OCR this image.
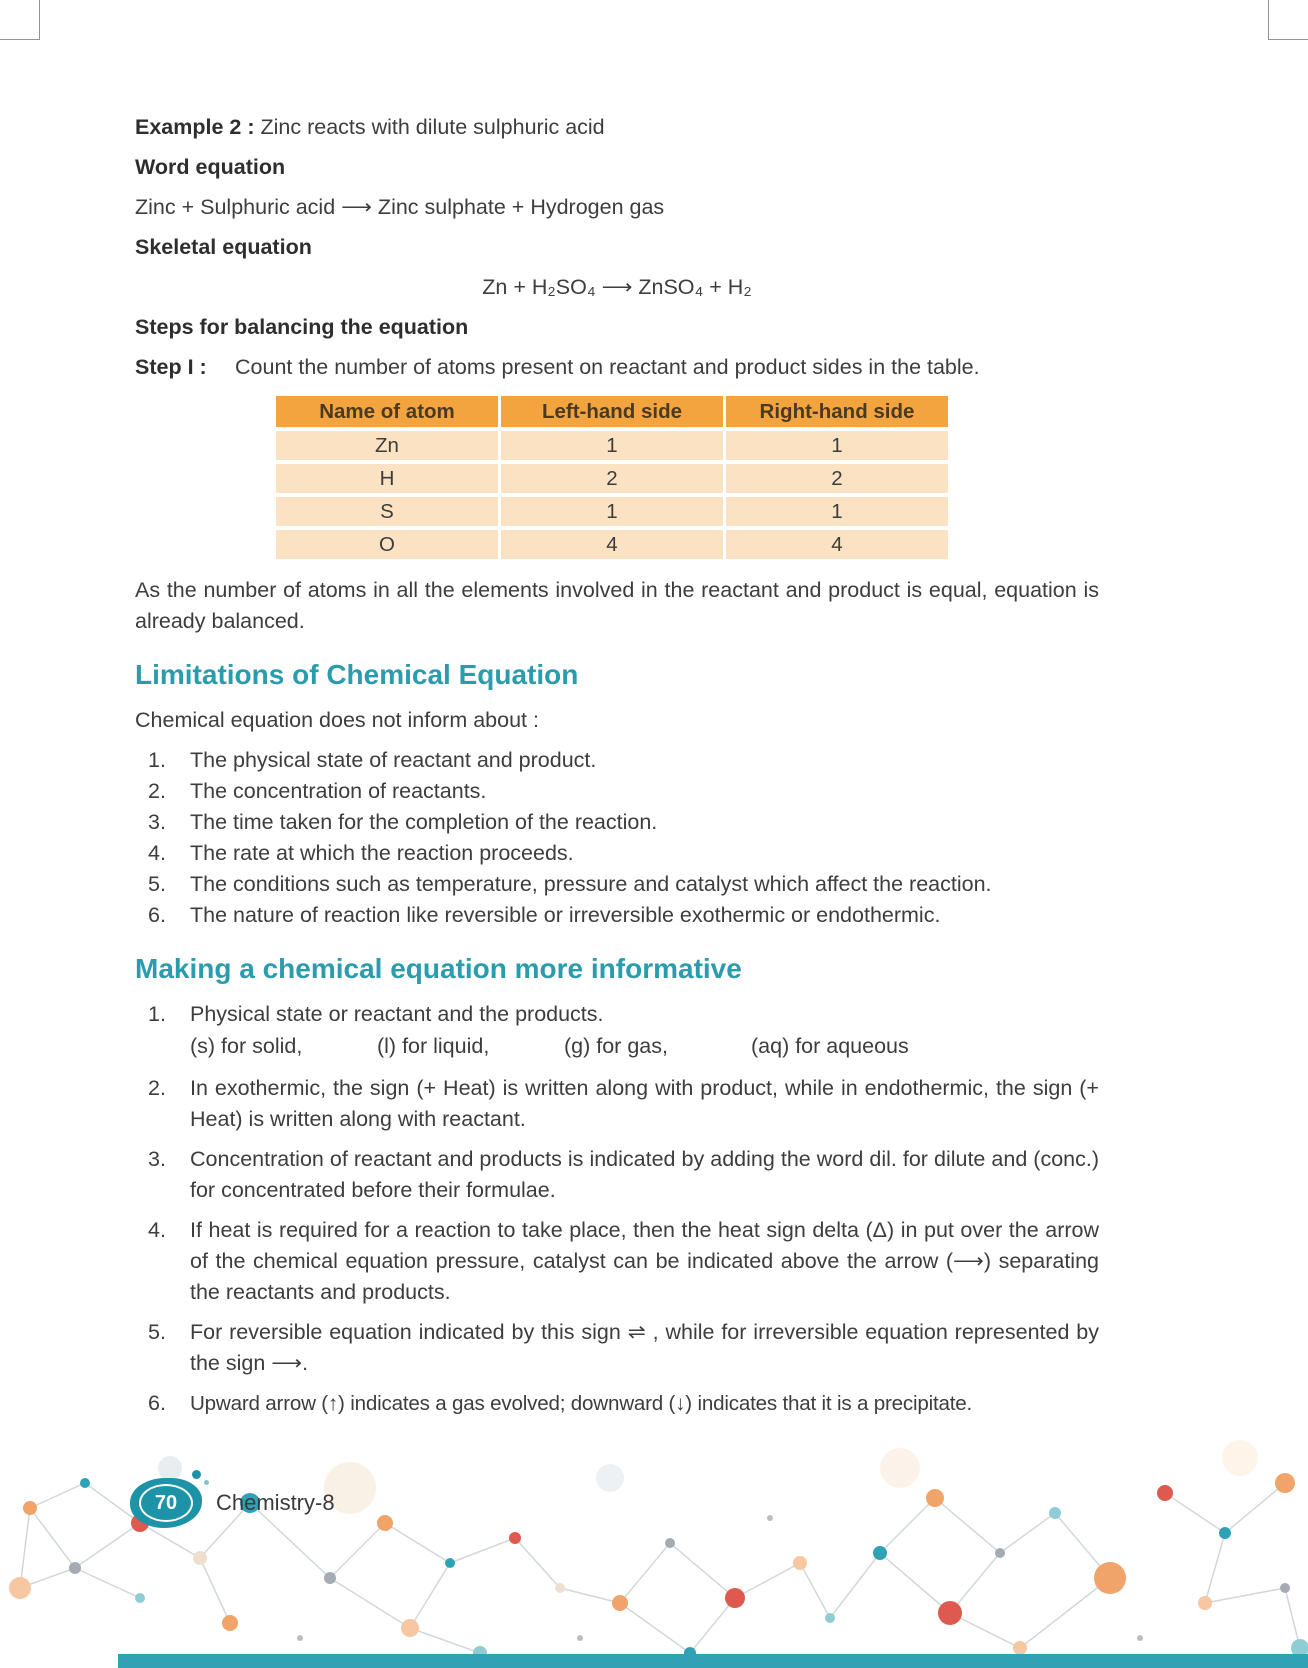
Example 2 : Zinc reacts with dilute sulphuric acid

Word equation

Zinc + Sulphuric acid ⟶ Zinc sulphate + Hydrogen gas

Skeletal equation

Zn + H₂SO₄ ⟶ ZnSO₄ + H₂

Steps for balancing the equation

Step I : Count the number of atoms present on reactant and product sides in the table.

Name of atom	Left-hand side	Right-hand side
Zn	1	1
H	2	2
S	1	1
O	4	4

As the number of atoms in all the elements involved in the reactant and product is equal, equation is already balanced.

Limitations of Chemical Equation

Chemical equation does not inform about :

1.	The physical state of reactant and product.
2.	The concentration of reactants.
3.	The time taken for the completion of the reaction.
4.	The rate at which the reaction proceeds.
5.	The conditions such as temperature, pressure and catalyst which affect the reaction.
6.	The nature of reaction like reversible or irreversible exothermic or endothermic.
Making a chemical equation more informative
1.	Physical state or reactant and the products.
(s) for solid,	(l) for liquid,	(g) for gas,	(aq) for aqueous
2.	In exothermic, the sign (+ Heat) is written along with product, while in endothermic, the sign (+ Heat) is written along with reactant.
3.	Concentration of reactant and products is indicated by adding the word dil. for dilute and (conc.) for concentrated before their formulae.
4.	If heat is required for a reaction to take place, then the heat sign delta (Δ) in put over the arrow of the chemical equation pressure, catalyst can be indicated above the arrow (⟶) separating the reactants and products.
5.	For reversible equation indicated by this sign ⇌ , while for irreversible equation represented by the sign ⟶.
6.	Upward arrow (↑) indicates a gas evolved; downward (↓) indicates that it is a precipitate.
70	Chemistry-8
